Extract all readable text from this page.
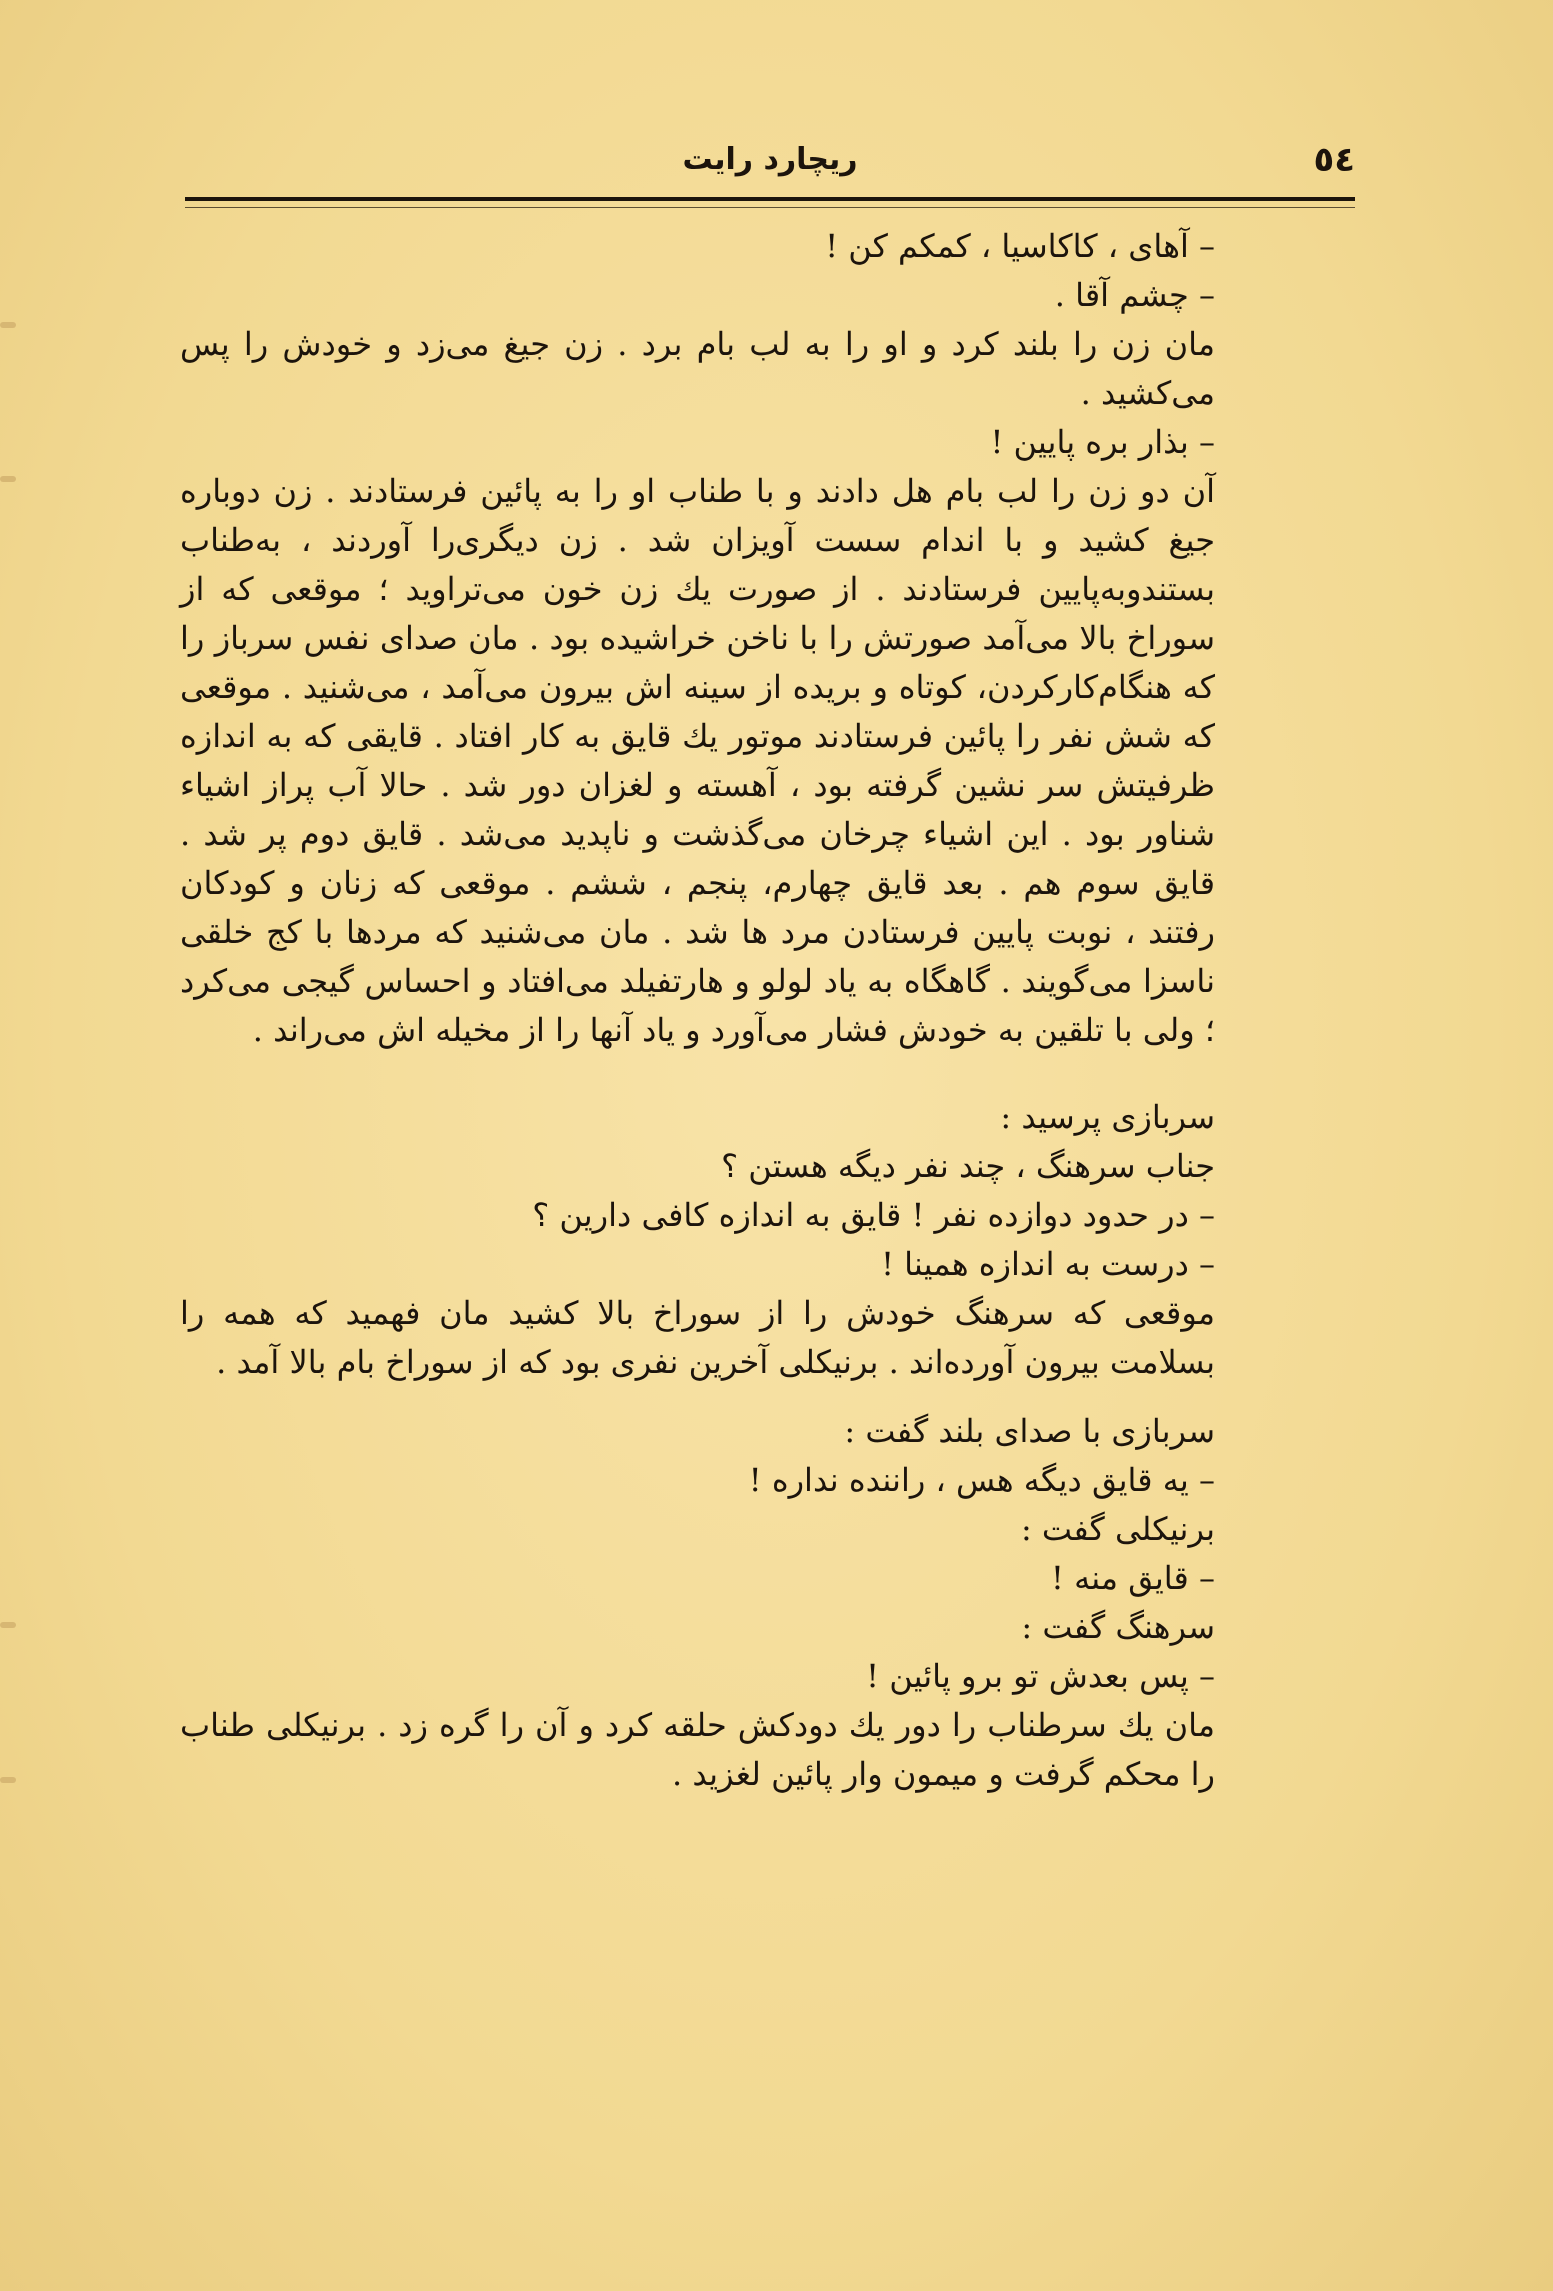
٥٤
ریچارد رایت

– آهای ، کاکاسیا ، کمکم کن !

– چشم آقا .

مان زن را بلند کرد و او را به لب بام برد . زن جیغ می‌زد و خودش را پس می‌کشید .

– بذار بره پایین !

آن دو زن را لب بام هل دادند و با طناب او را به پائین فرستادند . زن دوباره جیغ کشید و با اندام سست آویزان شد . زن دیگری‌را آوردند ، به‌طناب بستندوبه‌پایین فرستادند . از صورت یك زن خون می‌تراوید ؛ موقعی که از سوراخ بالا می‌آمد صورتش را با ناخن خراشیده بود . مان صدای نفس سرباز را که هنگام‌کارکردن، کوتاه و بریده از سینه اش بیرون می‌آمد ، می‌شنید . موقعی که شش نفر را پائین فرستادند موتور یك قایق به کار افتاد . قایقی که به اندازه ظرفیتش سر نشین گرفته بود ، آهسته و لغزان دور شد . حالا آب پراز اشیاء شناور بود . این اشیاء چرخان می‌گذشت و ناپدید می‌شد . قایق دوم پر شد . قایق سوم هم . بعد قایق چهارم، پنجم ، ششم . موقعی که زنان و کودکان رفتند ، نوبت پایین فرستادن مرد ها شد . مان می‌شنید که مردها با کج خلقی ناسزا می‌گویند . گاهگاه به یاد لولو و هارتفیلد می‌افتاد و احساس گیجی می‌کرد ؛ ولی با تلقین به خودش فشار می‌آورد و یاد آنها را از مخیله اش می‌راند .

سربازی پرسید :

جناب سرهنگ ، چند نفر دیگه هستن ؟

– در حدود دوازده نفر ! قایق به اندازه کافی دارین ؟

– درست به اندازه همینا !

موقعی که سرهنگ خودش را از سوراخ بالا کشید مان فهمید که همه را بسلامت بیرون آورده‌اند . برنیکلی آخرین نفری بود که از سوراخ بام بالا آمد .

سربازی با صدای بلند گفت :

– یه قایق دیگه هس ، راننده نداره !

برنیکلی گفت :

– قایق منه !

سرهنگ گفت :

– پس بعدش تو برو پائین !

مان یك سرطناب را دور یك دودکش حلقه کرد و آن را گره زد . برنیکلی طناب را محکم گرفت و میمون وار پائین لغزید .
